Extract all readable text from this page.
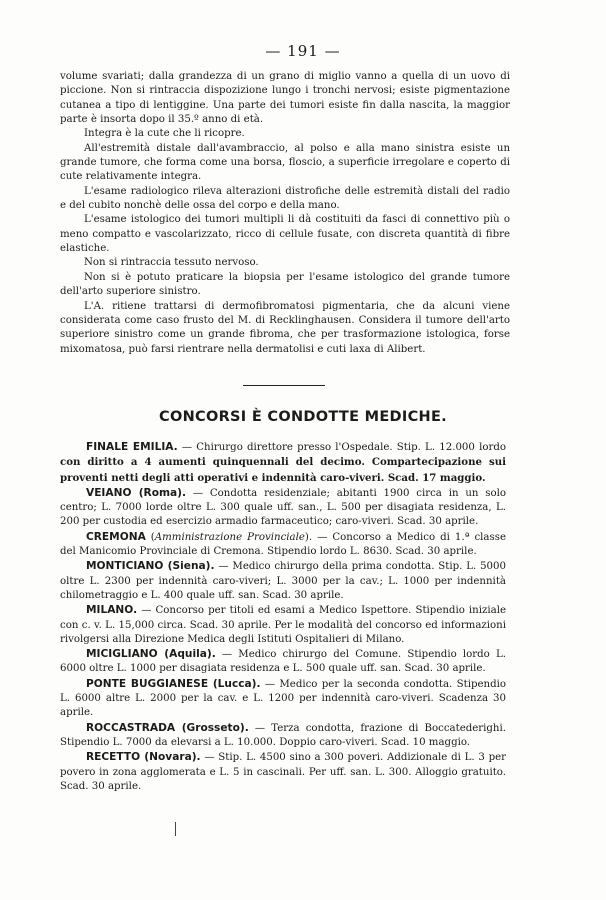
— 191 —

volume svariati; dalla grandezza di un grano di miglio vanno a quella di un uovo di piccione. Non si rintraccia dispozizione lungo i tronchi nervosi; esiste pigmentazione cutanea a tipo di lentiggine. Una parte dei tumori esiste fin dalla nascita, la maggior parte è insorta dopo il 35.º anno di età.

Integra è la cute che li ricopre.

All'estremità distale dall'avambraccio, al polso e alla mano sinistra esiste un grande tumore, che forma come una borsa, floscio, a superficie irregolare e coperto di cute relativamente integra.

L'esame radiologico rileva alterazioni distrofiche delle estremità distali del radio e del cubito nonchè delle ossa del corpo e della mano.

L'esame istologico dei tumori multipli li dà costituiti da fasci di connettivo più o meno compatto e vascolarizzato, ricco di cellule fusate, con discreta quantità di fibre elastiche.

Non si rintraccia tessuto nervoso.

Non si è potuto praticare la biopsia per l'esame istologico del grande tumore dell'arto superiore sinistro.

L'A. ritiene trattarsi di dermofibromatosi pigmentaria, che da alcuni viene considerata come caso frusto del M. di Recklinghausen. Considera il tumore dell'arto superiore sinistro come un grande fibroma, che per trasformazione istologica, forse mixomatosa, può farsi rientrare nella dermatolisi e cuti laxa di Alibert.

CONCORSI È CONDOTTE MEDICHE.

FINALE EMILIA. — Chirurgo direttore presso l'Ospedale. Stip. L. 12.000 lordo con diritto a 4 aumenti quinquennali del decimo. Compartecipazione sui proventi netti degli atti operativi e indennità caro-viveri. Scad. 17 maggio.

VEIANO (Roma). — Condotta residenziale; abitanti 1900 circa in un solo centro; L. 7000 lorde oltre L. 300 quale uff. san., L. 500 per disagiata residenza, L. 200 per custodia ed esercizio armadio farmaceutico; caro-viveri. Scad. 30 aprile.

CREMONA (Amministrazione Provinciale). — Concorso a Medico di 1.ª classe del Manicomio Provinciale di Cremona. Stipendio lordo L. 8630. Scad. 30 aprile.

MONTICIANO (Siena). — Medico chirurgo della prima condotta. Stip. L. 5000 oltre L. 2300 per indennità caro-viveri; L. 3000 per la cav.; L. 1000 per indennità chilometraggio e L. 400 quale uff. san. Scad. 30 aprile.

MILANO. — Concorso per titoli ed esami a Medico Ispettore. Stipendio iniziale con c. v. L. 15,000 circa. Scad. 30 aprile. Per le modalità del concorso ed informazioni rivolgersi alla Direzione Medica degli Istituti Ospitalieri di Milano.

MICIGLIANO (Aquila). — Medico chirurgo del Comune. Stipendio lordo L. 6000 oltre L. 1000 per disagiata residenza e L. 500 quale uff. san. Scad. 30 aprile.

PONTE BUGGIANESE (Lucca). — Medico per la seconda condotta. Stipendio L. 6000 altre L. 2000 per la cav. e L. 1200 per indennità caro-viveri. Scadenza 30 aprile.

ROCCASTRADA (Grosseto). — Terza condotta, frazione di Boccatederighi. Stipendio L. 7000 da elevarsi a L. 10.000. Doppio caro-viveri. Scad. 10 maggio.

RECETTO (Novara). — Stip. L. 4500 sino a 300 poveri. Addizionale di L. 3 per povero in zona agglomerata e L. 5 in cascinali. Per uff. san. L. 300. Alloggio gratuito. Scad. 30 aprile.
